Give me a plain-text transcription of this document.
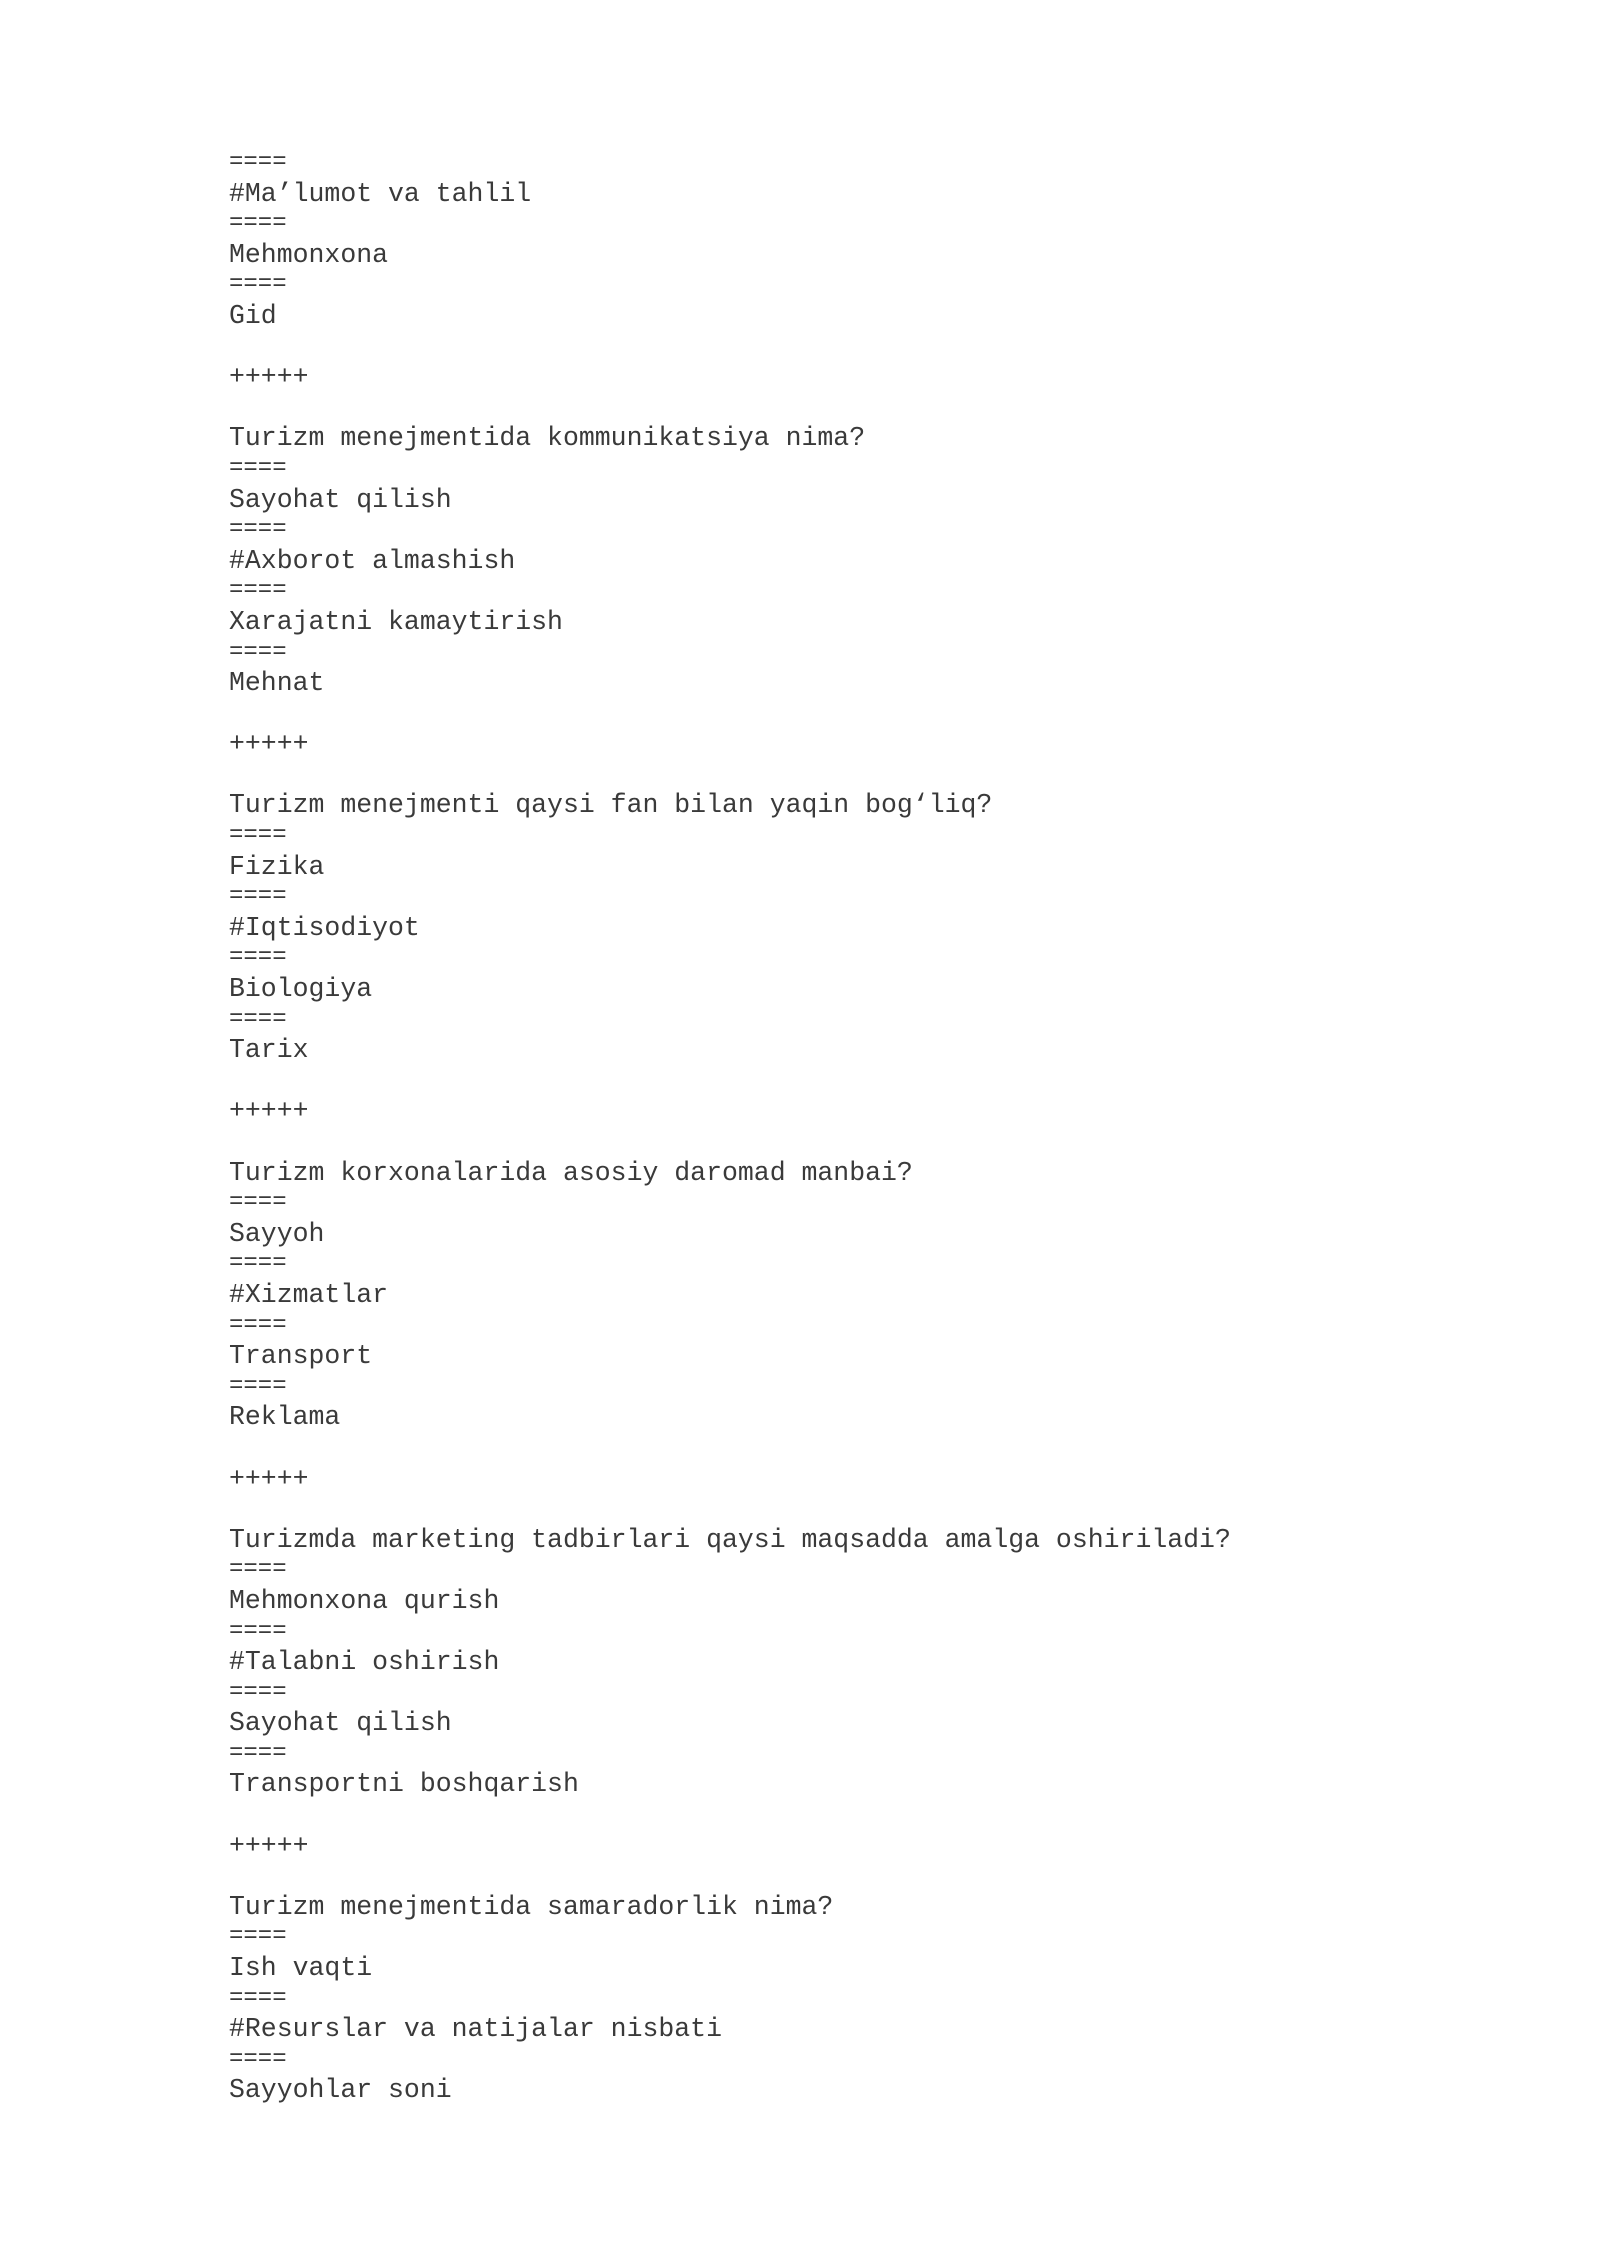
====
#Ma’lumot va tahlil
====
Mehmonxona
====
Gid
+++++
Turizm menejmentida kommunikatsiya nima?
====
Sayohat qilish
====
#Axborot almashish
====
Xarajatni kamaytirish
====
Mehnat
+++++
Turizm menejmenti qaysi fan bilan yaqin bog‘liq?
====
Fizika
====
#Iqtisodiyot
====
Biologiya
====
Tarix
+++++
Turizm korxonalarida asosiy daromad manbai?
====
Sayyoh
====
#Xizmatlar
====
Transport
====
Reklama
+++++
Turizmda marketing tadbirlari qaysi maqsadda amalga oshiriladi?
====
Mehmonxona qurish
====
#Talabni oshirish
====
Sayohat qilish
====
Transportni boshqarish
+++++
Turizm menejmentida samaradorlik nima?
====
Ish vaqti
====
#Resurslar va natijalar nisbati
====
Sayyohlar soni
